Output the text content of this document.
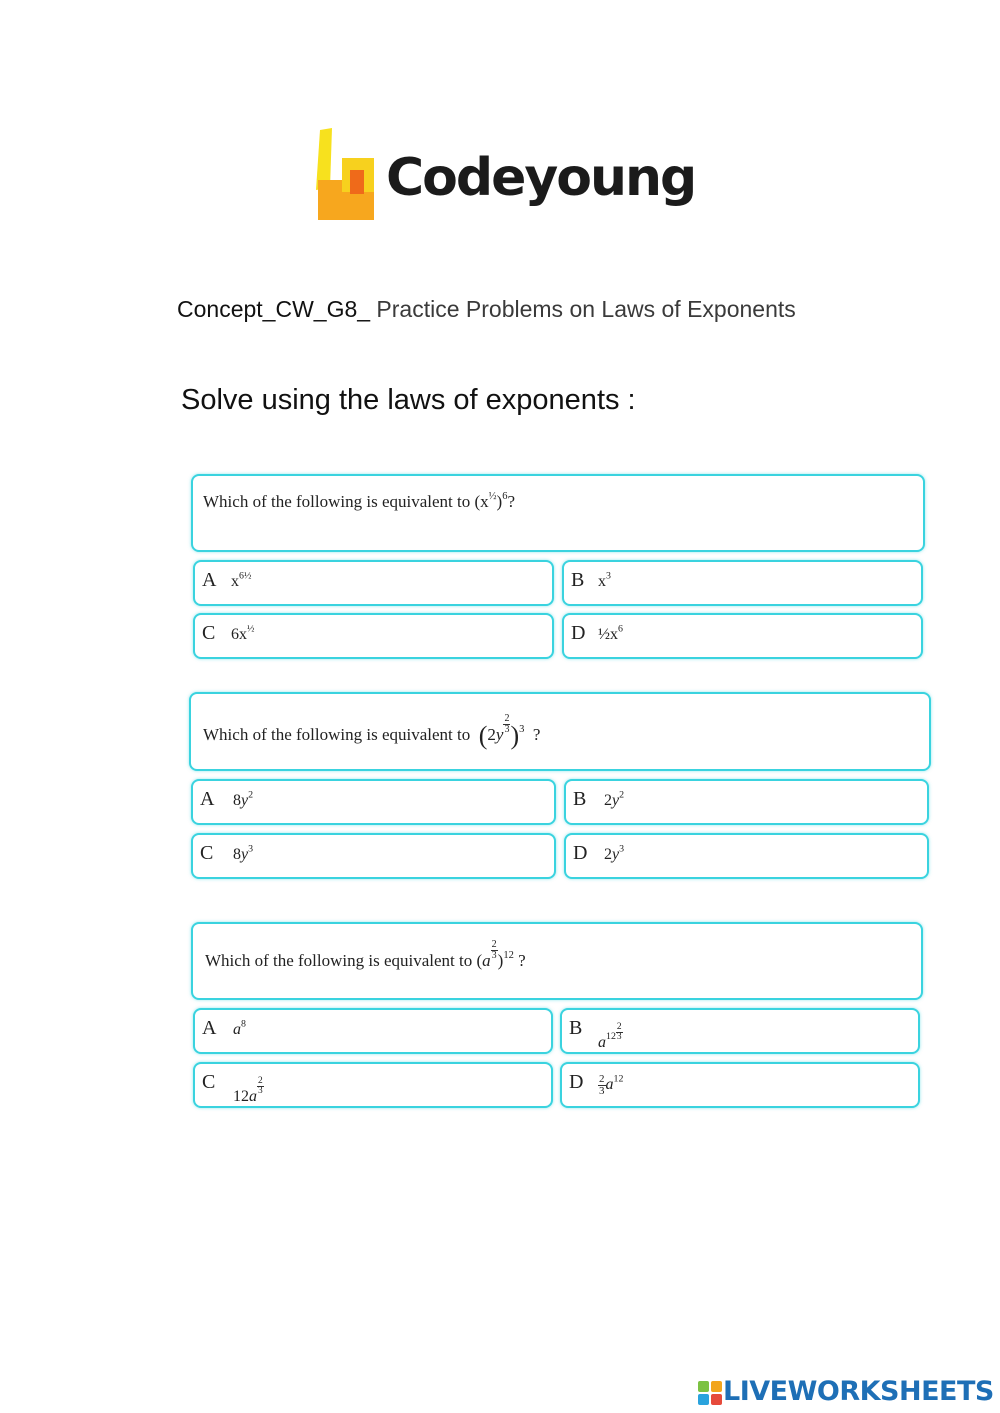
Codeyoung
Concept_CW_G8_ Practice Problems on Laws of Exponents
Solve using the laws of exponents :
Which of the following is equivalent to $(x^{\frac{1}{2}})^6$?
A $x^{6\frac{1}{2}}$	B $x^3$
C $6x^{\frac{1}{2}}$	D $\frac{1}{2}x^6$
Which of the following is equivalent to  (2y $^{\frac{2}{3}}$ )$^3$  ?
A $8y^2$	B $2y^2$
C $8y^3$	D $2y^3$
Which of the following is equivalent to (a $^{\frac{2}{3}}$ )$^{12}$ ?
A $a^8$	B
$a^{12 \frac{2}{3}}$
C
12a $^{\frac{2}{3}}$	D $\frac{2}{3} a^{12}$
LIVEWORKSHEETS
